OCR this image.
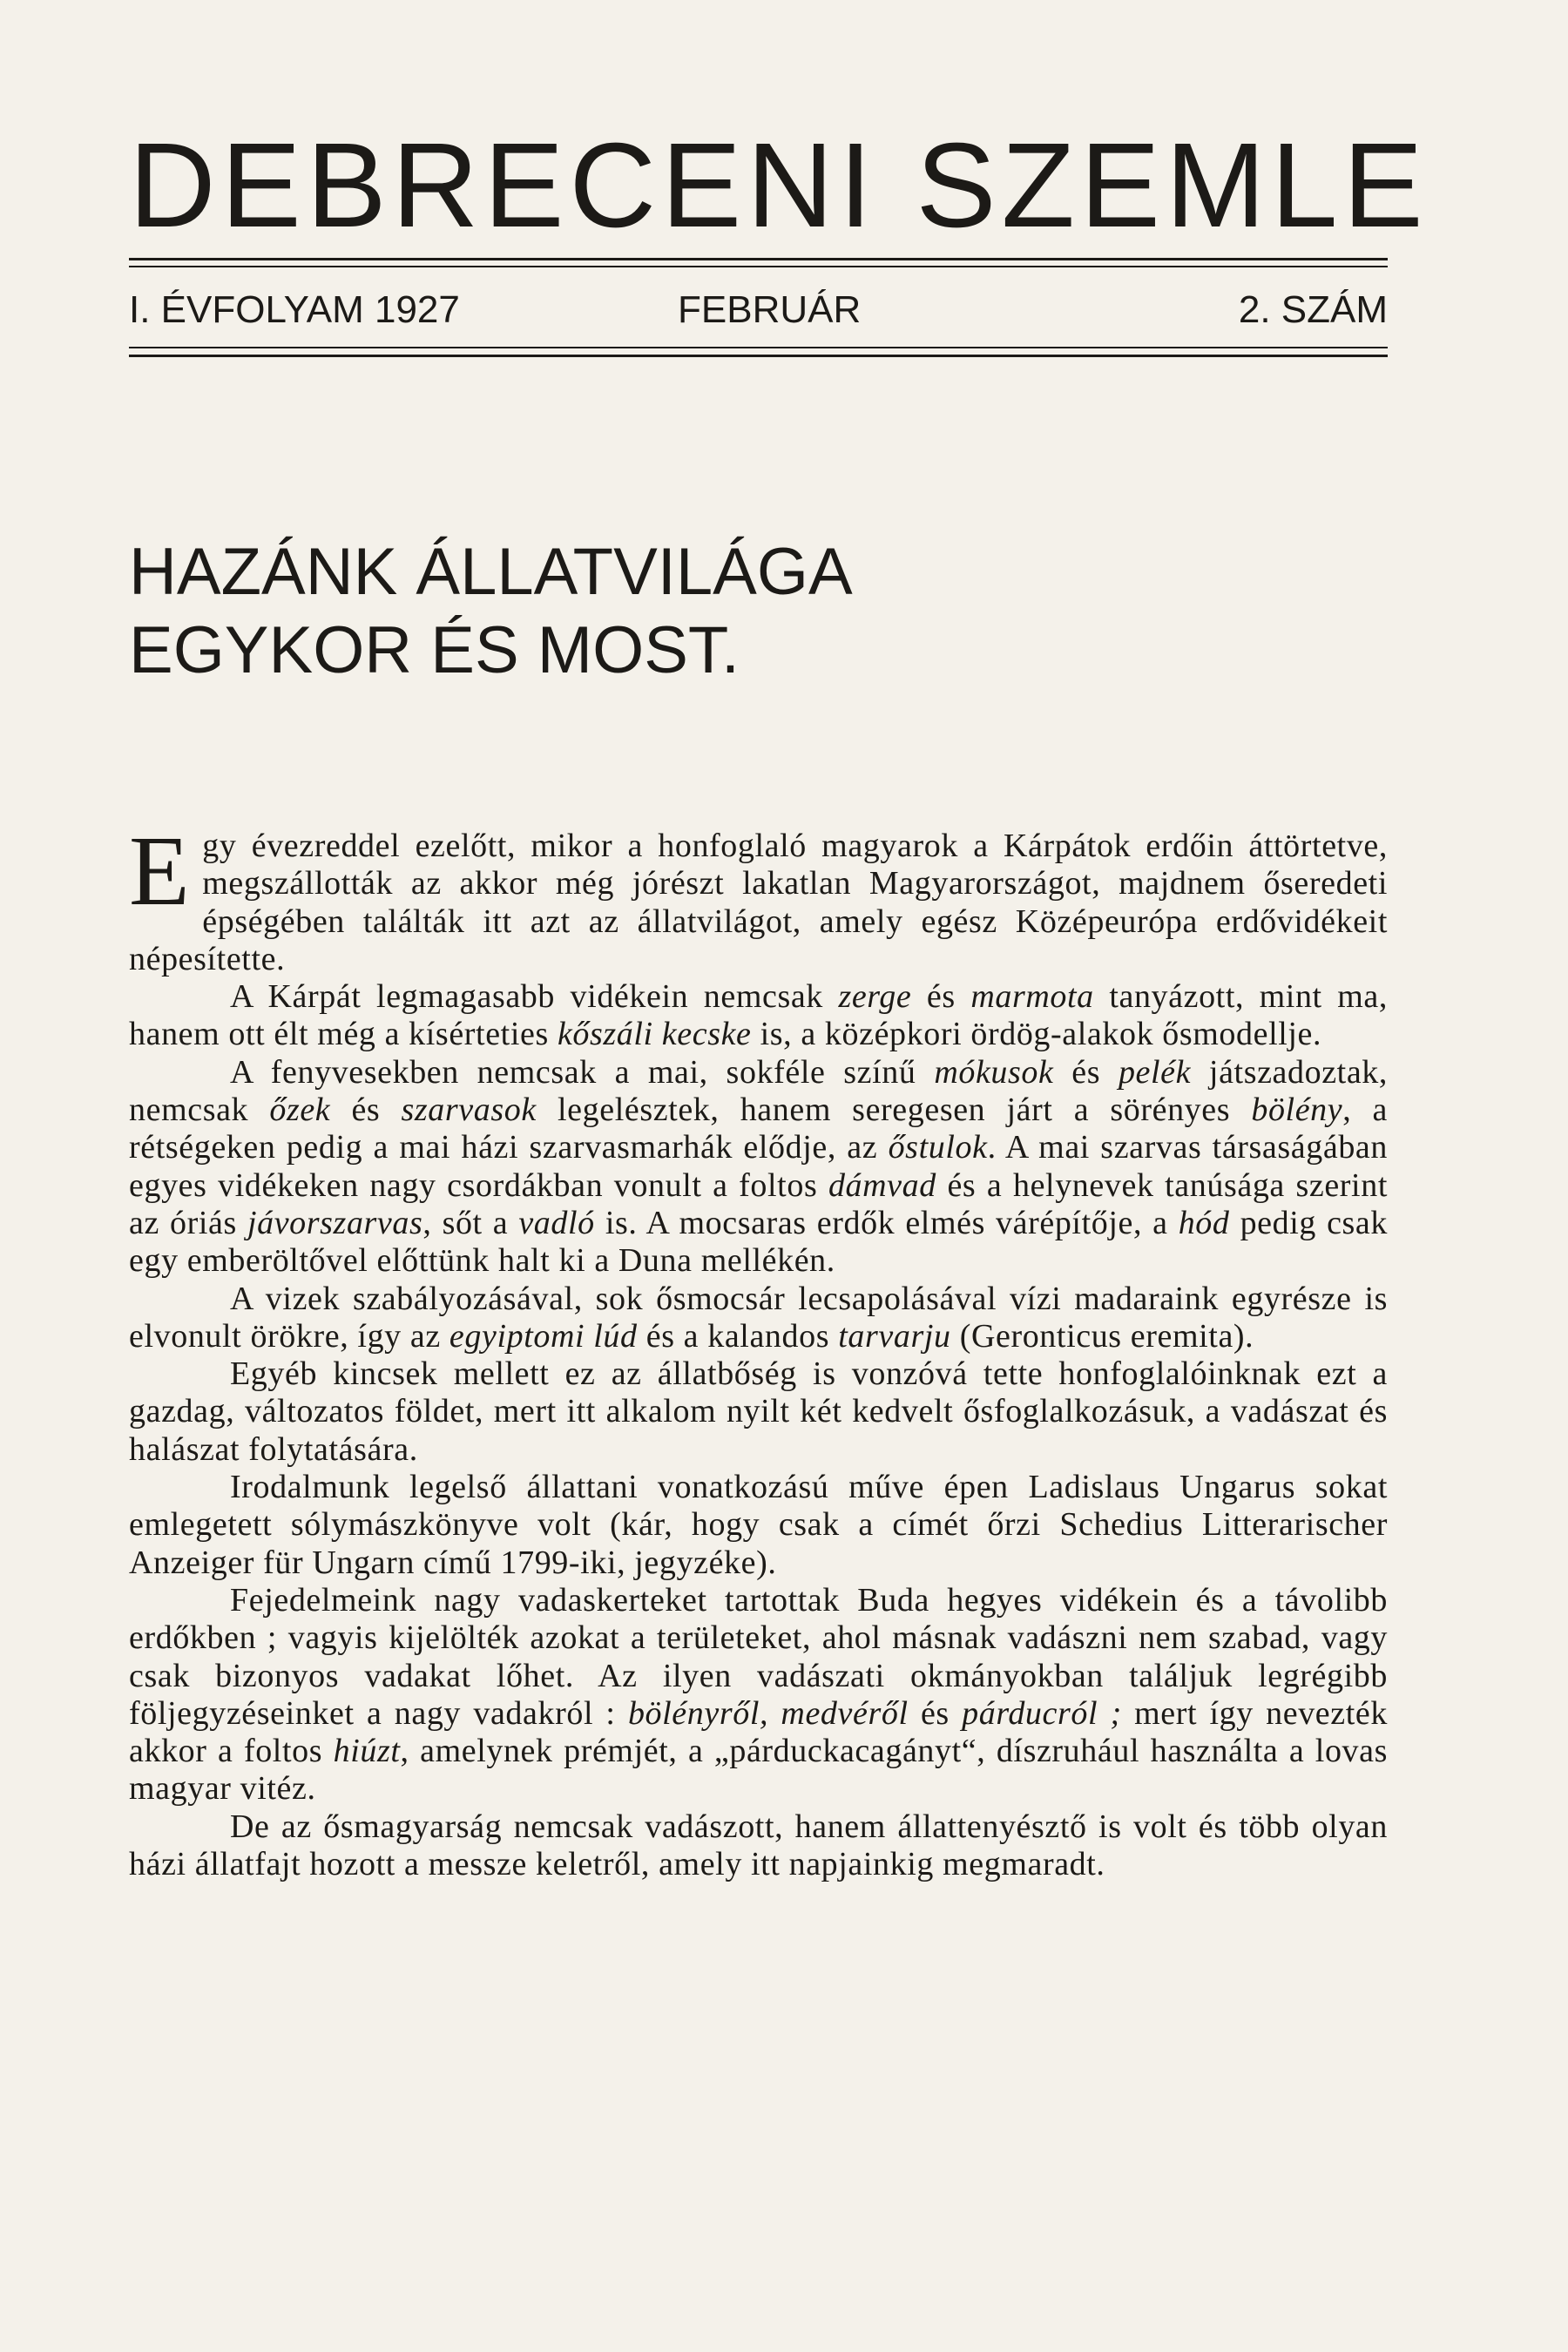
DEBRECENI SZEMLE
I. ÉVFOLYAM 1927	FEBRUÁR	2. SZÁM
HAZÁNK ÁLLATVILÁGA
EGYKOR ÉS MOST.

Egy évezreddel ezelőtt, mikor a honfoglaló magyarok a Kárpátok erdőin áttörtetve, megszállották az akkor még jórészt lakatlan Magyarországot, majdnem őseredeti épségében találták itt azt az állatvilágot, amely egész Középeurópa erdővidékeit népesítette.

A Kárpát legmagasabb vidékein nemcsak zerge és marmota tanyázott, mint ma, hanem ott élt még a kísérteties kőszáli kecske is, a középkori ördög-alakok ősmodellje.

A fenyvesekben nemcsak a mai, sokféle színű mókusok és pelék játszadoztak, nemcsak őzek és szarvasok legelésztek, hanem seregesen járt a sörényes bölény, a rétségeken pedig a mai házi szarvasmarhák elődje, az őstulok. A mai szarvas társaságában egyes vidékeken nagy csordákban vonult a foltos dámvad és a helynevek tanúsága szerint az óriás jávorszarvas, sőt a vadló is. A mocsaras erdők elmés várépítője, a hód pedig csak egy emberöltővel előttünk halt ki a Duna mellékén.

A vizek szabályozásával, sok ősmocsár lecsapolásával vízi madaraink egyrésze is elvonult örökre, így az egyiptomi lúd és a kalandos tarvarju (Geronticus eremita).

Egyéb kincsek mellett ez az állatbőség is vonzóvá tette honfoglalóinknak ezt a gazdag, változatos földet, mert itt alkalom nyilt két kedvelt ősfoglalkozásuk, a vadászat és halászat folytatására.

Irodalmunk legelső állattani vonatkozású műve épen Ladislaus Ungarus sokat emlegetett sólymászkönyve volt (kár, hogy csak a címét őrzi Schedius Litterarischer Anzeiger für Ungarn című 1799-iki, jegyzéke).

Fejedelmeink nagy vadaskerteket tartottak Buda hegyes vidékein és a távolibb erdőkben ; vagyis kijelölték azokat a területeket, ahol másnak vadászni nem szabad, vagy csak bizonyos vadakat lőhet. Az ilyen vadászati okmányokban találjuk legrégibb följegyzéseinket a nagy vadakról : bölényről, medvéről és párducról ; mert így nevezték akkor a foltos hiúzt, amelynek prémjét, a „párduckacagányt“, díszruhául használta a lovas magyar vitéz.

De az ősmagyarság nemcsak vadászott, hanem állattenyésztő is volt és több olyan házi állatfajt hozott a messze keletről, amely itt napjainkig megmaradt.
